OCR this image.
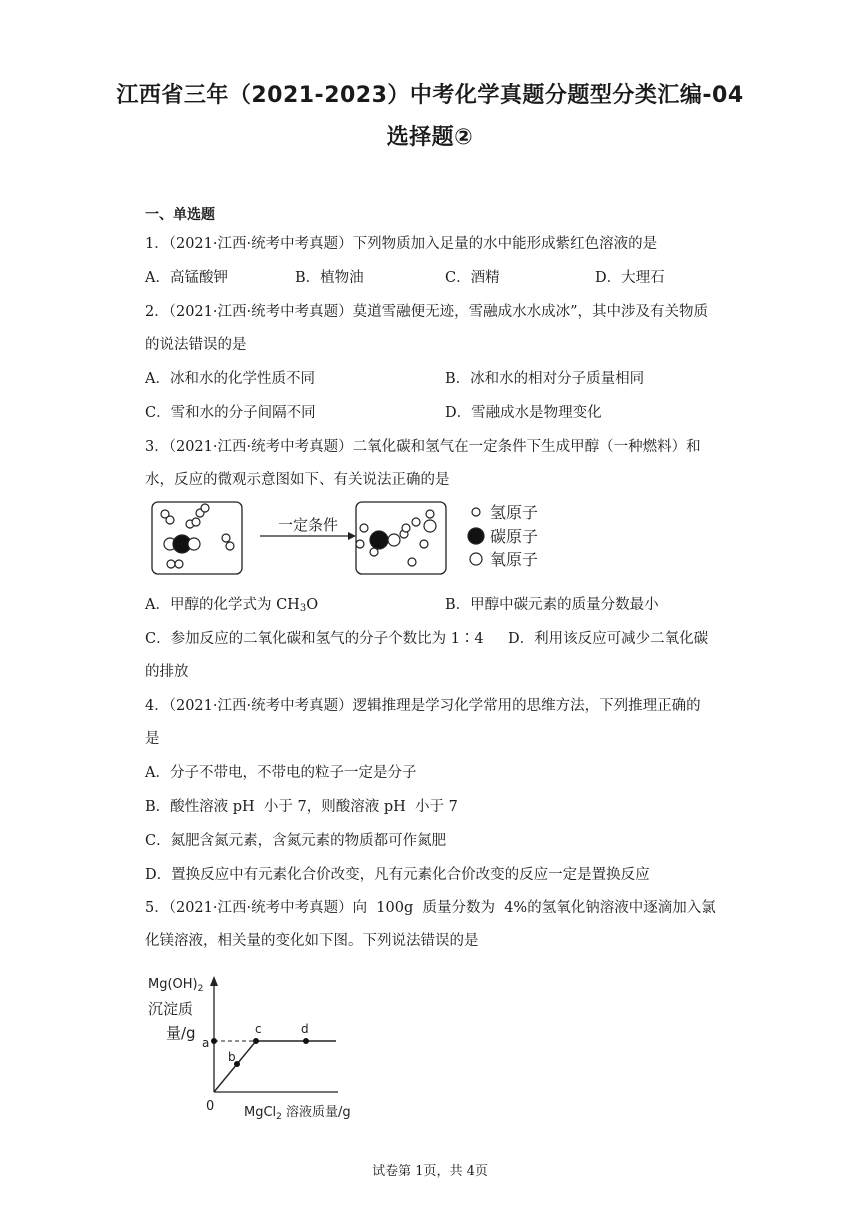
江西省三年（2021-2023）中考化学真题分题型分类汇编-04
选择题②
一、单选题
1．（2021·江西·统考中考真题）下列物质加入足量的水中能形成紫红色溶液的是
A．高锰酸钾	B．植物油	C．酒精	D．大理石
2．（2021·江西·统考中考真题）莫道雪融便无迹，雪融成水水成冰”，其中涉及有关物质
的说法错误的是
A．冰和水的化学性质不同	B．冰和水的相对分子质量相同
C．雪和水的分子间隔不同	D．雪融成水是物理变化
3．（2021·江西·统考中考真题）二氧化碳和氢气在一定条件下生成甲醇（一种燃料）和
水，反应的微观示意图如下、有关说法正确的是
一定条件
氢原子
碳原子
氧原子
A．甲醇的化学式为 $CH_3O$	B．甲醇中碳元素的质量分数最小
C．参加反应的二氧化碳和氢气的分子个数比为 1∶4 D．利用该反应可减少二氧化碳
的排放
4．（2021·江西·统考中考真题）逻辑推理是学习化学常用的思维方法，下列推理正确的
是
A．分子不带电，不带电的粒子一定是分子
B．酸性溶液 pH  小于 7，则酸溶液 pH  小于 7
C．氮肥含氮元素，含氮元素的物质都可作氮肥
D．置换反应中有元素化合价改变，凡有元素化合价改变的反应一定是置换反应
5．（2021·江西·统考中考真题）向  100g  质量分数为  4%的氢氧化钠溶液中逐滴加入氯
化镁溶液，相关量的变化如下图。下列说法错误的是
$Mg(OH)_2$
沉淀质
量/g
0 MgCl$_2$ 溶液质量/g
a
b
c	d
试卷第 1页，共 4页
